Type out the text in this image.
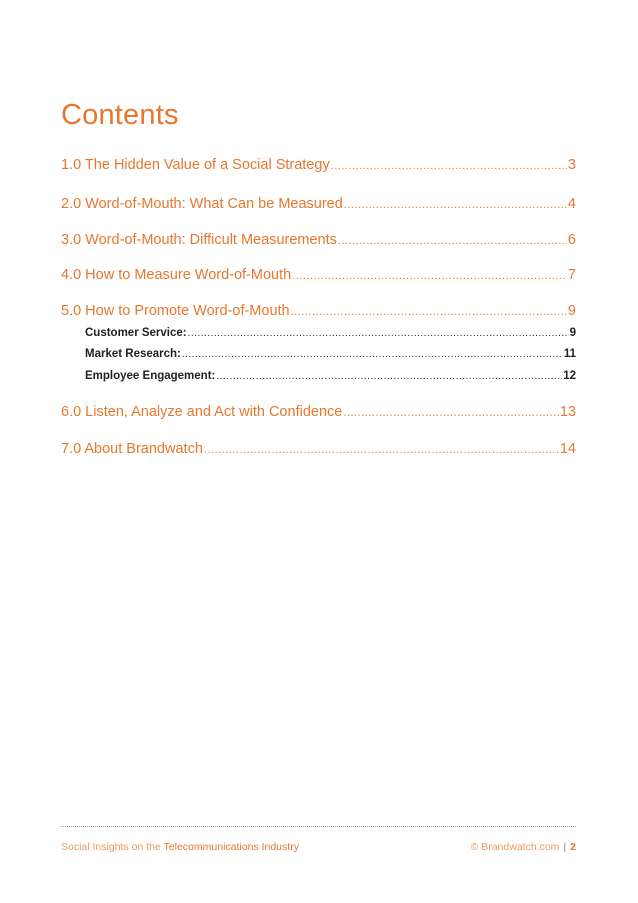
Contents
1.0 The Hidden Value of a Social Strategy .....	3
2.0 Word-of-Mouth: What Can be Measured .....	4
3.0 Word-of-Mouth: Difficult Measurements .....	6
4.0 How to Measure Word-of-Mouth .....	7
5.0 How to Promote Word-of-Mouth .....	9
Customer Service: .....	9
Market Research: .....	11
Employee Engagement: .....	12
6.0 Listen, Analyze and Act with Confidence .....	13
7.0 About Brandwatch .....	14
Social Insights on the Telecommunications Industry	© Brandwatch.com | 2
